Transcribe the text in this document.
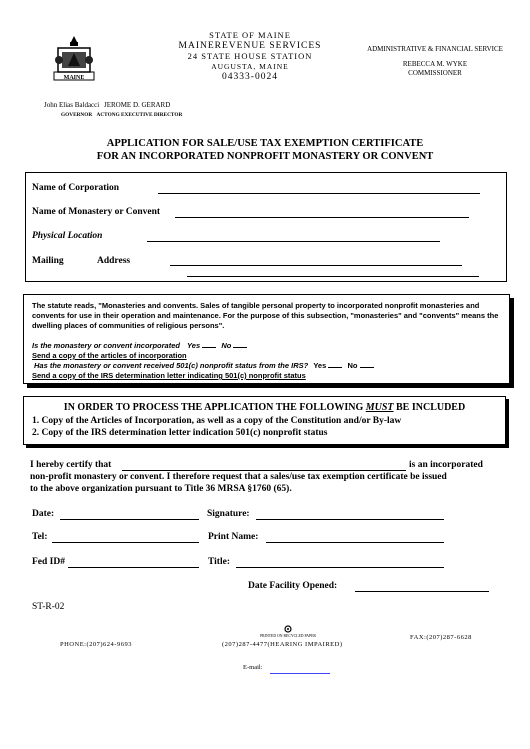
MAINE
STATE OF MAINE
MAINEREVENUE SERVICES
24 STATE HOUSE STATION
AUGUSTA, MAINE
04333-0024
ADMINISTRATIVE & FINANCIAL SERVICE
REBECCA M. WYKE
COMMISSIONER
John Elias Baldacci JEROME D. GERARD
GOVERNOR ACTONG EXECUTIVE DIRECTOR
APPLICATION FOR SALE/USE TAX EXEMPTION CERTIFICATE
FOR AN INCORPORATED NONPROFIT MONASTERY OR CONVENT
Name of Corporation
Name of Monastery or Convent
Physical Location
Mailing	Address
The statute reads, "Monasteries and convents. Sales of tangible personal property to incorporated nonprofit monasteries and convents for use in their operation and maintenance. For the purpose of this subsection, "monasteries" and "convents" means the dwelling places of communities of religious persons".
Is the monastery or convent incorporated Yes	No
Send a copy of the articles of incorporation
Has the monastery or convent received 501(c) nonprofit status from the IRS? Yes	No
Send a copy of the IRS determination letter indicating 501(c) nonprofit status
IN ORDER TO PROCESS THE APPLICATION THE FOLLOWING MUST BE INCLUDED
1. Copy of the Articles of Incorporation, as well as a copy of the Constitution and/or By-law
2. Copy of the IRS determination letter indication 501(c) nonprofit status
I hereby certify that	is an incorporated
non-profit monastery or convent. I therefore request that a sales/use tax exemption certificate be issued
to the above organization pursuant to Title 36 MRSA §1760 (65).
Date:	Signature:
Tel:	Print Name:
Fed ID#	Title:
Date Facility Opened:
ST-R-02
PRINTED ON RECYCLED PAPER
PHONE:(207)624-9693	(207)287-4477(HEARING IMPAIRED)
FAX:(207)287-6628
E-mail:
